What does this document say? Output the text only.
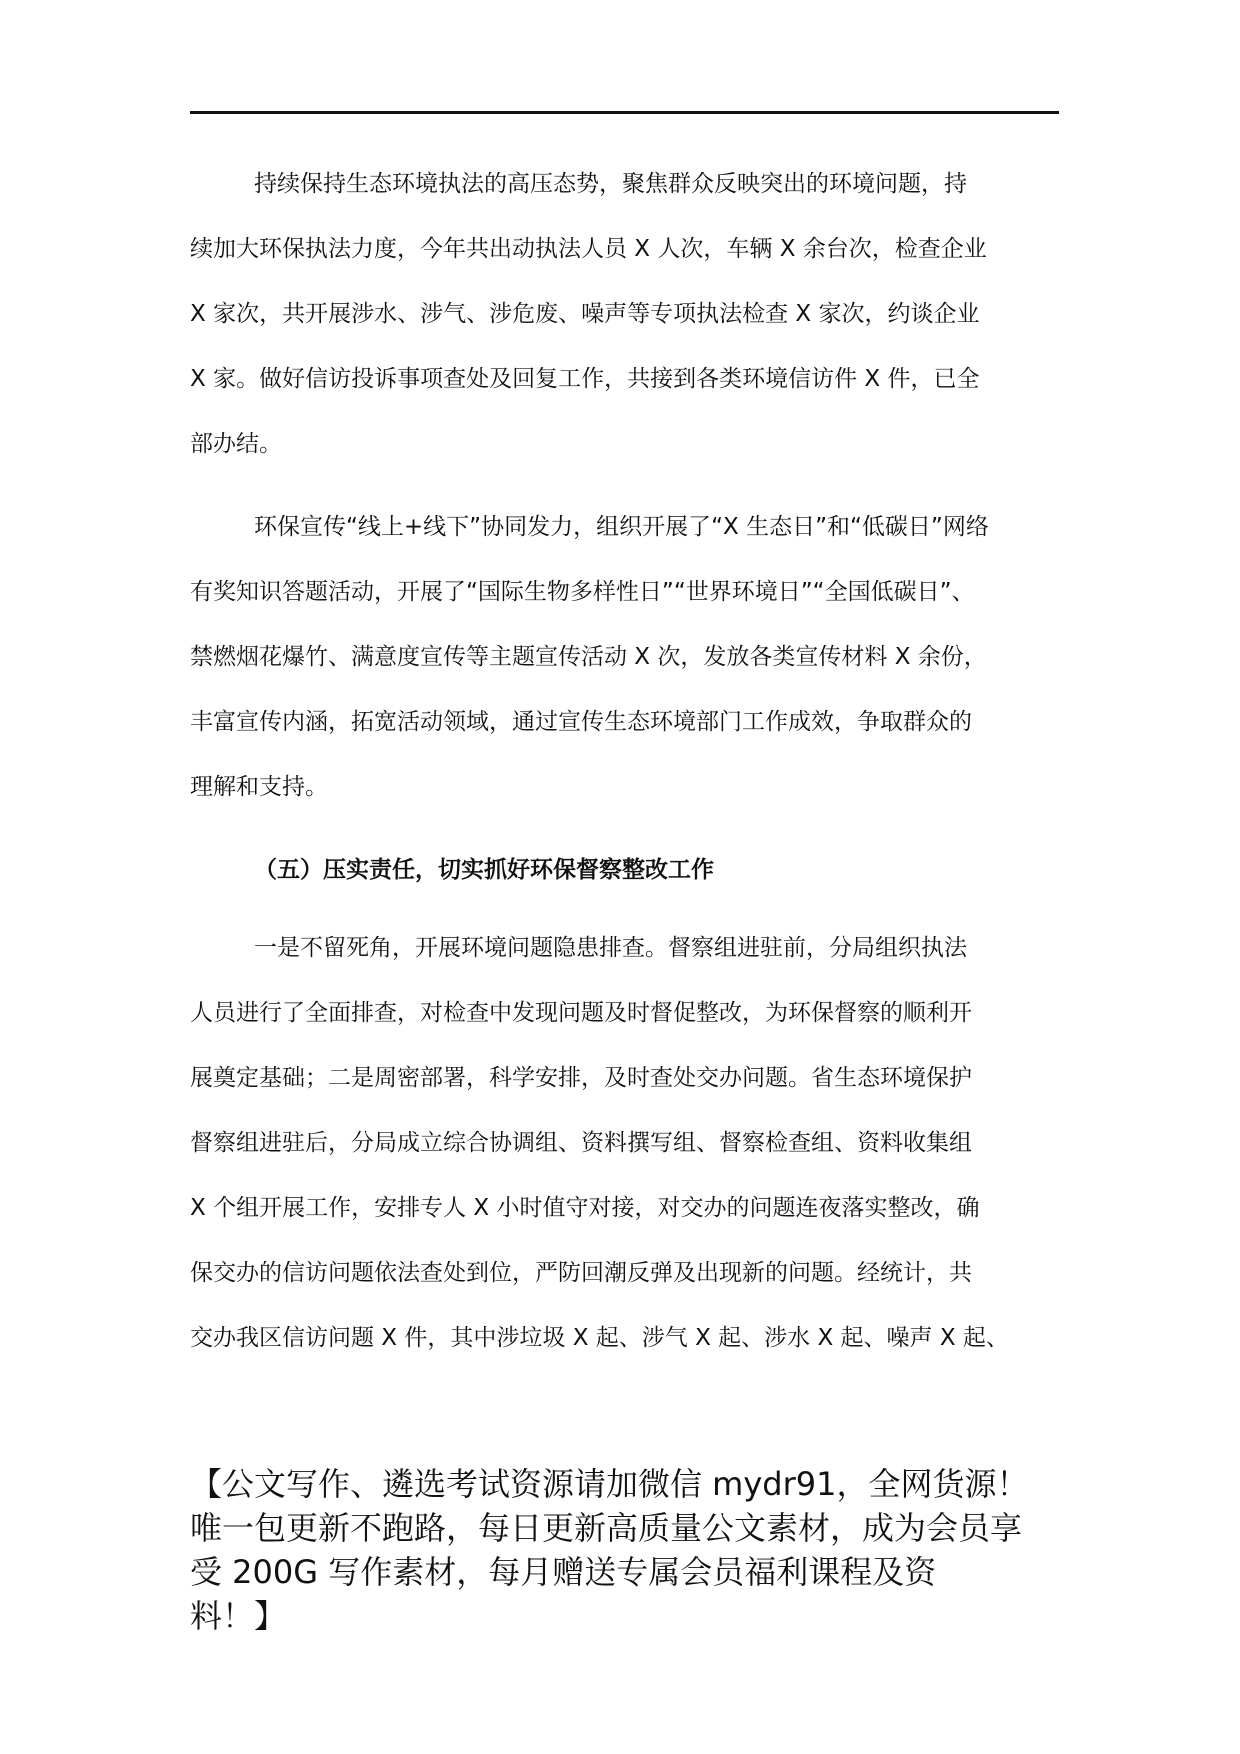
持续保持生态环境执法的高压态势，聚焦群众反映突出的环境问题，持
续加大环保执法力度，今年共出动执法人员 X 人次，车辆 X 余台次，检查企业
X 家次，共开展涉水、涉气、涉危废、噪声等专项执法检查 X 家次，约谈企业
X 家。做好信访投诉事项查处及回复工作，共接到各类环境信访件 X 件，已全
部办结。
环保宣传“线上+线下”协同发力，组织开展了“X 生态日”和“低碳日”网络
有奖知识答题活动，开展了“国际生物多样性日”“世界环境日”“全国低碳日”、
禁燃烟花爆竹、满意度宣传等主题宣传活动 X 次，发放各类宣传材料 X 余份，
丰富宣传内涵，拓宽活动领域，通过宣传生态环境部门工作成效，争取群众的
理解和支持。

（五）压实责任，切实抓好环保督察整改工作

一是不留死角，开展环境问题隐患排查。督察组进驻前，分局组织执法
人员进行了全面排查，对检查中发现问题及时督促整改，为环保督察的顺利开
展奠定基础；二是周密部署，科学安排，及时查处交办问题。省生态环境保护
督察组进驻后，分局成立综合协调组、资料撰写组、督察检查组、资料收集组
X 个组开展工作，安排专人 X 小时值守对接，对交办的问题连夜落实整改，确
保交办的信访问题依法查处到位，严防回潮反弹及出现新的问题。经统计，共
交办我区信访问题 X 件，其中涉垃圾 X 起、涉气 X 起、涉水 X 起、噪声 X 起、
【公文写作、遴选考试资源请加微信 mydr91，全网货源！
唯一包更新不跑路，每日更新高质量公文素材，成为会员享
受 200G 写作素材，每月赠送专属会员福利课程及资
料！】
